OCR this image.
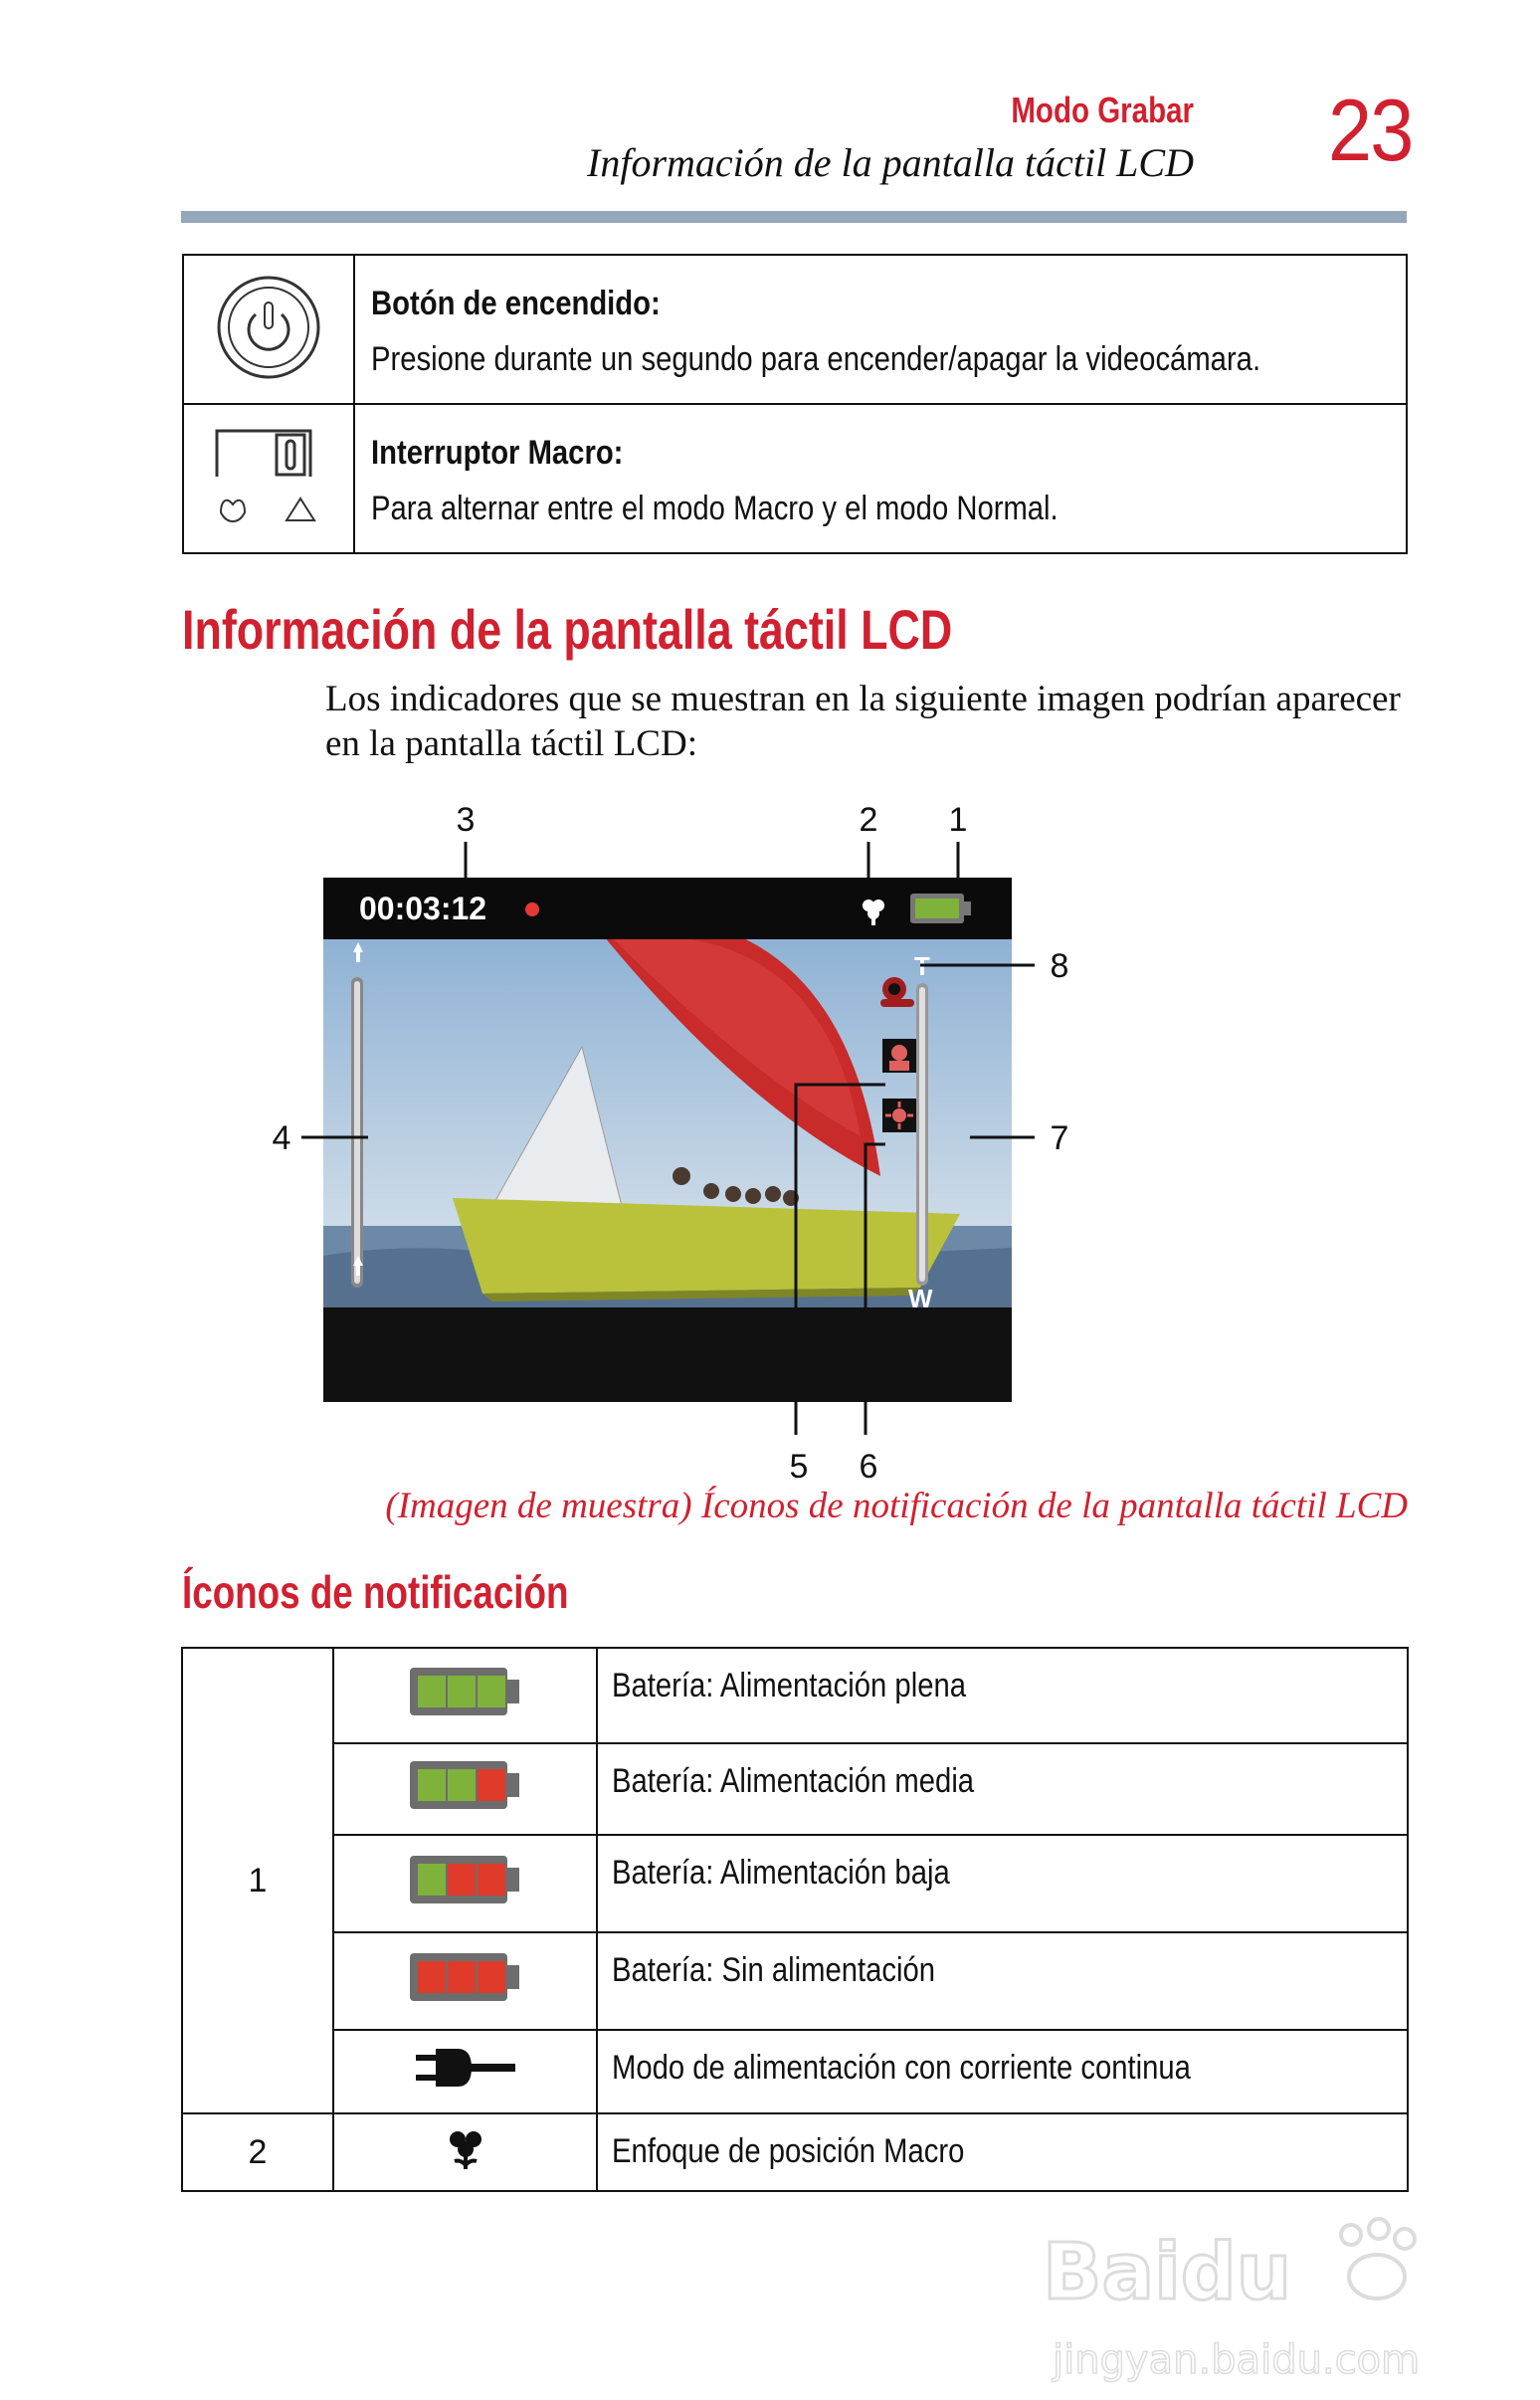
Modo Grabar
Información de la pantalla táctil LCD 23
	Botón de encendido:
Presione durante un segundo para encender/apagar la videocámara.
	Interruptor Macro:
Para alternar entre el modo Macro y el modo Normal.
Información de la pantalla táctil LCD
Los indicadores que se muestran en la siguiente imagen podrían aparecer en la pantalla táctil LCD:
00:03:12
T
W
3	2 1
4	7
8
5 6
(Imagen de muestra) Íconos de notificación de la pantalla táctil LCD
Íconos de notificación
1		Batería: Alimentación plena
	Batería: Alimentación media
	Batería: Alimentación baja
	Batería: Sin alimentación
	Modo de alimentación con corriente continua
2		Enfoque de posición Macro
Baidu
jingyan.baidu.com
